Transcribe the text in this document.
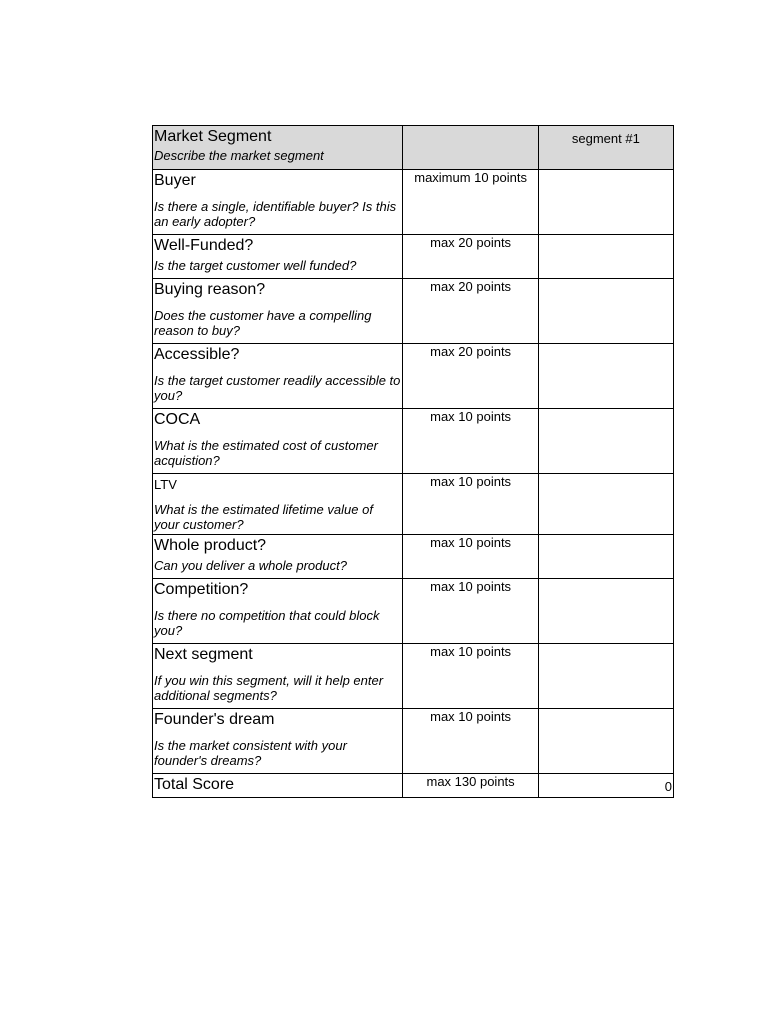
Market Segment
Describe the market segment		segment #1

Buyer
Is there a single, identifiable buyer? Is this an early adopter?	maximum 10 points	

Well-Funded?
Is the target customer well funded?	max 20 points	

Buying reason?
Does the customer have a compelling reason to buy?	max 20 points	

Accessible?
Is the target customer readily accessible to you?	max 20 points	

COCA
What is the estimated cost of customer acquistion?	max 10 points	

LTV
What is the estimated lifetime value of your customer?	max 10 points	

Whole product?
Can you deliver a whole product?	max 10 points	

Competition?
Is there no competition that could block you?	max 10 points	

Next segment
If you win this segment, will it help enter additional segments?	max 10 points	

Founder's dream
Is the market consistent with your founder's dreams?	max 10 points	

Total Score	max 130 points	0
